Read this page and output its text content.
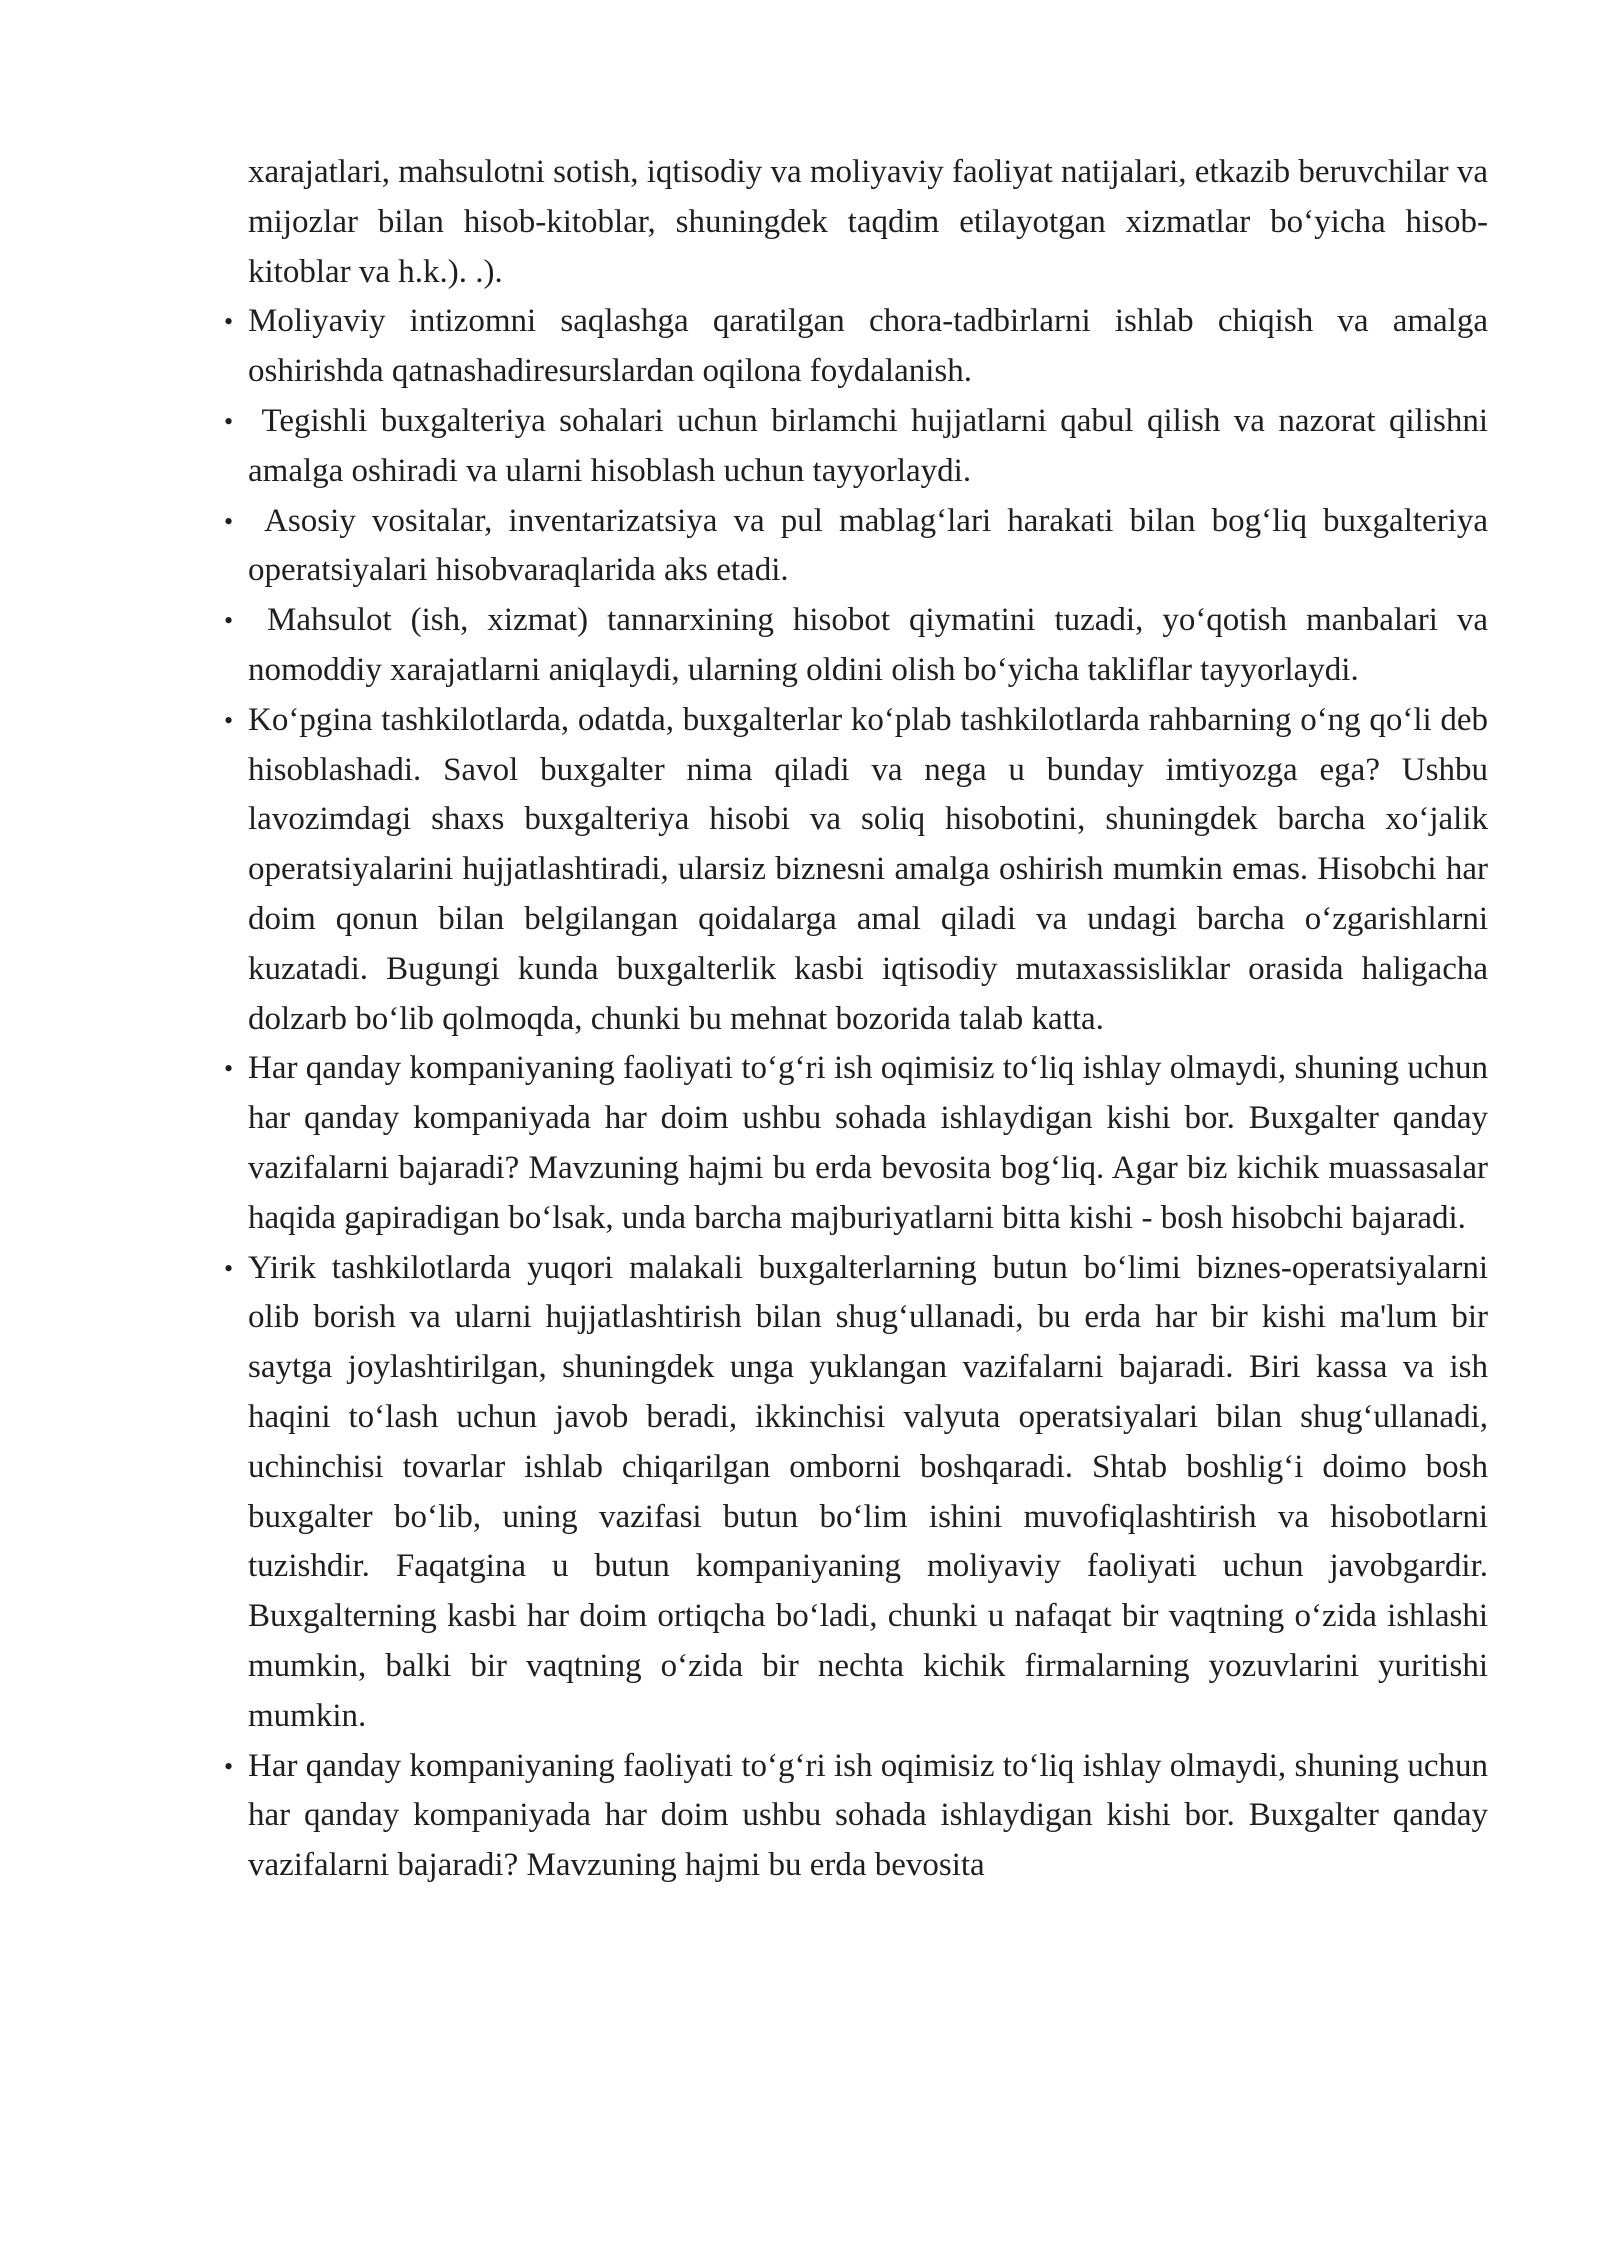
xarajatlari, mahsulotni sotish, iqtisodiy va moliyaviy faoliyat natijalari, etkazib beruvchilar va mijozlar bilan hisob-kitoblar, shuningdek taqdim etilayotgan xizmatlar bo‘yicha hisob-kitoblar va h.k.). .).

•
Moliyaviy intizomni saqlashga qaratilgan chora-tadbirlarni ishlab chiqish va amalga oshirishda qatnashadiresurslardan oqilona foydalanish.
•
Tegishli buxgalteriya sohalari uchun birlamchi hujjatlarni qabul qilish va nazorat qilishni amalga oshiradi va ularni hisoblash uchun tayyorlaydi.
•
Asosiy vositalar, inventarizatsiya va pul mablag‘lari harakati bilan bog‘liq buxgalteriya operatsiyalari hisobvaraqlarida aks etadi.
•
Mahsulot (ish, xizmat) tannarxining hisobot qiymatini tuzadi, yo‘qotish manbalari va nomoddiy xarajatlarni aniqlaydi, ularning oldini olish bo‘yicha takliflar tayyorlaydi.
•
Ko‘pgina tashkilotlarda, odatda, buxgalterlar ko‘plab tashkilotlarda rahbarning o‘ng qo‘li deb hisoblashadi. Savol buxgalter nima qiladi va nega u bunday imtiyozga ega? Ushbu lavozimdagi shaxs buxgalteriya hisobi va soliq hisobotini, shuningdek barcha xo‘jalik operatsiyalarini hujjatlashtiradi, ularsiz biznesni amalga oshirish mumkin emas. Hisobchi har doim qonun bilan belgilangan qoidalarga amal qiladi va undagi barcha o‘zgarishlarni kuzatadi. Bugungi kunda buxgalterlik kasbi iqtisodiy mutaxassisliklar orasida haligacha dolzarb bo‘lib qolmoqda, chunki bu mehnat bozorida talab katta.
•
Har qanday kompaniyaning faoliyati to‘g‘ri ish oqimisiz to‘liq ishlay olmaydi, shuning uchun har qanday kompaniyada har doim ushbu sohada ishlaydigan kishi bor. Buxgalter qanday vazifalarni bajaradi? Mavzuning hajmi bu erda bevosita bog‘liq. Agar biz kichik muassasalar haqida gapiradigan bo‘lsak, unda barcha majburiyatlarni bitta kishi - bosh hisobchi bajaradi.
•
Yirik tashkilotlarda yuqori malakali buxgalterlarning butun bo‘limi biznes-operatsiyalarni olib borish va ularni hujjatlashtirish bilan shug‘ullanadi, bu erda har bir kishi ma'lum bir saytga joylashtirilgan, shuningdek unga yuklangan vazifalarni bajaradi. Biri kassa va ish haqini to‘lash uchun javob beradi, ikkinchisi valyuta operatsiyalari bilan shug‘ullanadi, uchinchisi tovarlar ishlab chiqarilgan omborni boshqaradi. Shtab boshlig‘i doimo bosh buxgalter bo‘lib, uning vazifasi butun bo‘lim ishini muvofiqlashtirish va hisobotlarni tuzishdir. Faqatgina u butun kompaniyaning moliyaviy faoliyati uchun javobgardir. Buxgalterning kasbi har doim ortiqcha bo‘ladi, chunki u nafaqat bir vaqtning o‘zida ishlashi mumkin, balki bir vaqtning o‘zida bir nechta kichik firmalarning yozuvlarini yuritishi mumkin.
•
Har qanday kompaniyaning faoliyati to‘g‘ri ish oqimisiz to‘liq ishlay olmaydi, shuning uchun har qanday kompaniyada har doim ushbu sohada ishlaydigan kishi bor. Buxgalter qanday vazifalarni bajaradi? Mavzuning hajmi bu erda bevosita
